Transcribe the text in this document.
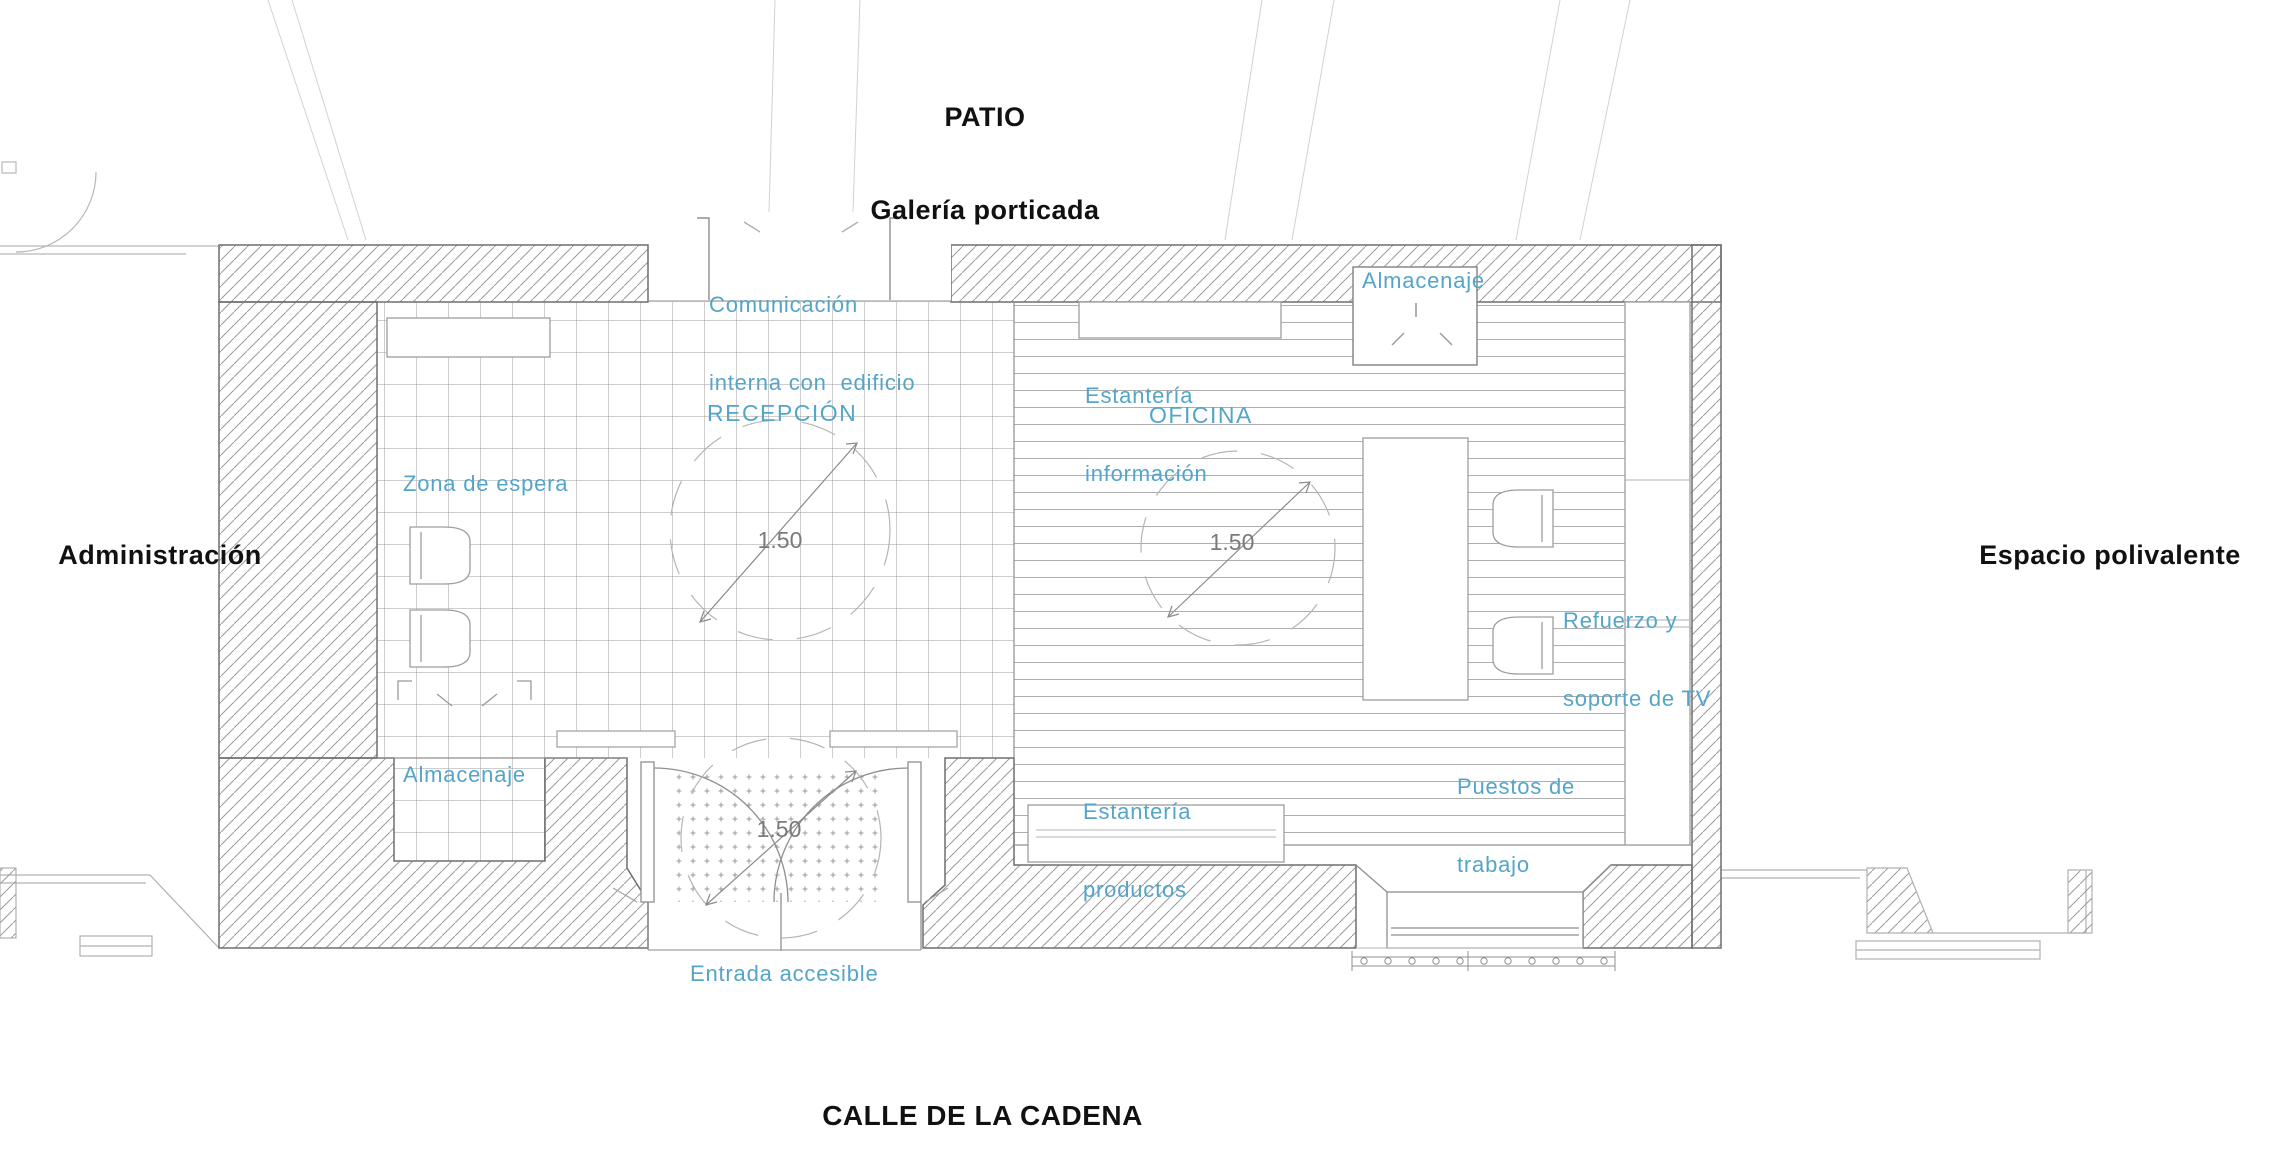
PATIO

Galería porticada

Administración	Espacio polivalente
CALLE DE LA CADENA

Comunicación

interna con  edificio

Almacenaje

Estantería

información

RECEPCIÓN	OFICINA
Zona de espera

Refuerzo y

soporte de TV

Almacenaje

Estantería

productos

Puestos de

trabajo

Entrada accesible
1.50	1.50
1.50
